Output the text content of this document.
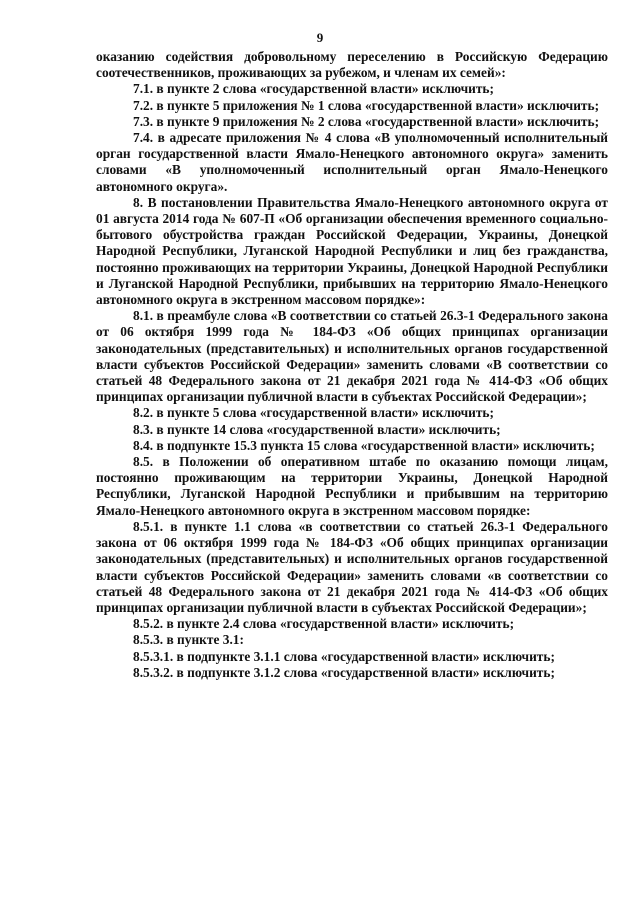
9

оказанию содействия добровольному переселению в Российскую Федерацию соотечественников, проживающих за рубежом, и членам их семей»:

7.1. в пункте 2 слова «государственной власти» исключить;

7.2. в пункте 5 приложения № 1 слова «государственной власти» исключить;

7.3. в пункте 9 приложения № 2 слова «государственной власти» исключить;

7.4. в адресате приложения № 4 слова «В уполномоченный исполнительный орган государственной власти Ямало-Ненецкого автономного округа» заменить словами «В уполномоченный исполнительный орган Ямало-Ненецкого автономного округа».

8. В постановлении Правительства Ямало-Ненецкого автономного округа от 01 августа 2014 года № 607-П «Об организации обеспечения временного социально-бытового обустройства граждан Российской Федерации, Украины, Донецкой Народной Республики, Луганской Народной Республики и лиц без гражданства, постоянно проживающих на территории Украины, Донецкой Народной Республики и Луганской Народной Республики, прибывших на территорию Ямало-Ненецкого автономного округа в экстренном массовом порядке»:

8.1. в преамбуле слова «В соответствии со статьей 26.3-1 Федерального закона от 06 октября 1999 года № 184-ФЗ «Об общих принципах организации законодательных (представительных) и исполнительных органов государственной власти субъектов Российской Федерации» заменить словами «В соответствии со статьей 48 Федерального закона от 21 декабря 2021 года № 414-ФЗ «Об общих принципах организации публичной власти в субъектах Российской Федерации»;

8.2. в пункте 5 слова «государственной власти» исключить;

8.3. в пункте 14 слова «государственной власти» исключить;

8.4. в подпункте 15.3 пункта 15 слова «государственной власти» исключить;

8.5. в Положении об оперативном штабе по оказанию помощи лицам, постоянно проживающим на территории Украины, Донецкой Народной Республики, Луганской Народной Республики и прибывшим на территорию Ямало-Ненецкого автономного округа в экстренном массовом порядке:

8.5.1. в пункте 1.1 слова «в соответствии со статьей 26.3-1 Федерального закона от 06 октября 1999 года № 184-ФЗ «Об общих принципах организации законодательных (представительных) и исполнительных органов государственной власти субъектов Российской Федерации» заменить словами «в соответствии со статьей 48 Федерального закона от 21 декабря 2021 года № 414-ФЗ «Об общих принципах организации публичной власти в субъектах Российской Федерации»;

8.5.2. в пункте 2.4 слова «государственной власти» исключить;

8.5.3. в пункте 3.1:

8.5.3.1. в подпункте 3.1.1 слова «государственной власти» исключить;

8.5.3.2. в подпункте 3.1.2 слова «государственной власти» исключить;
